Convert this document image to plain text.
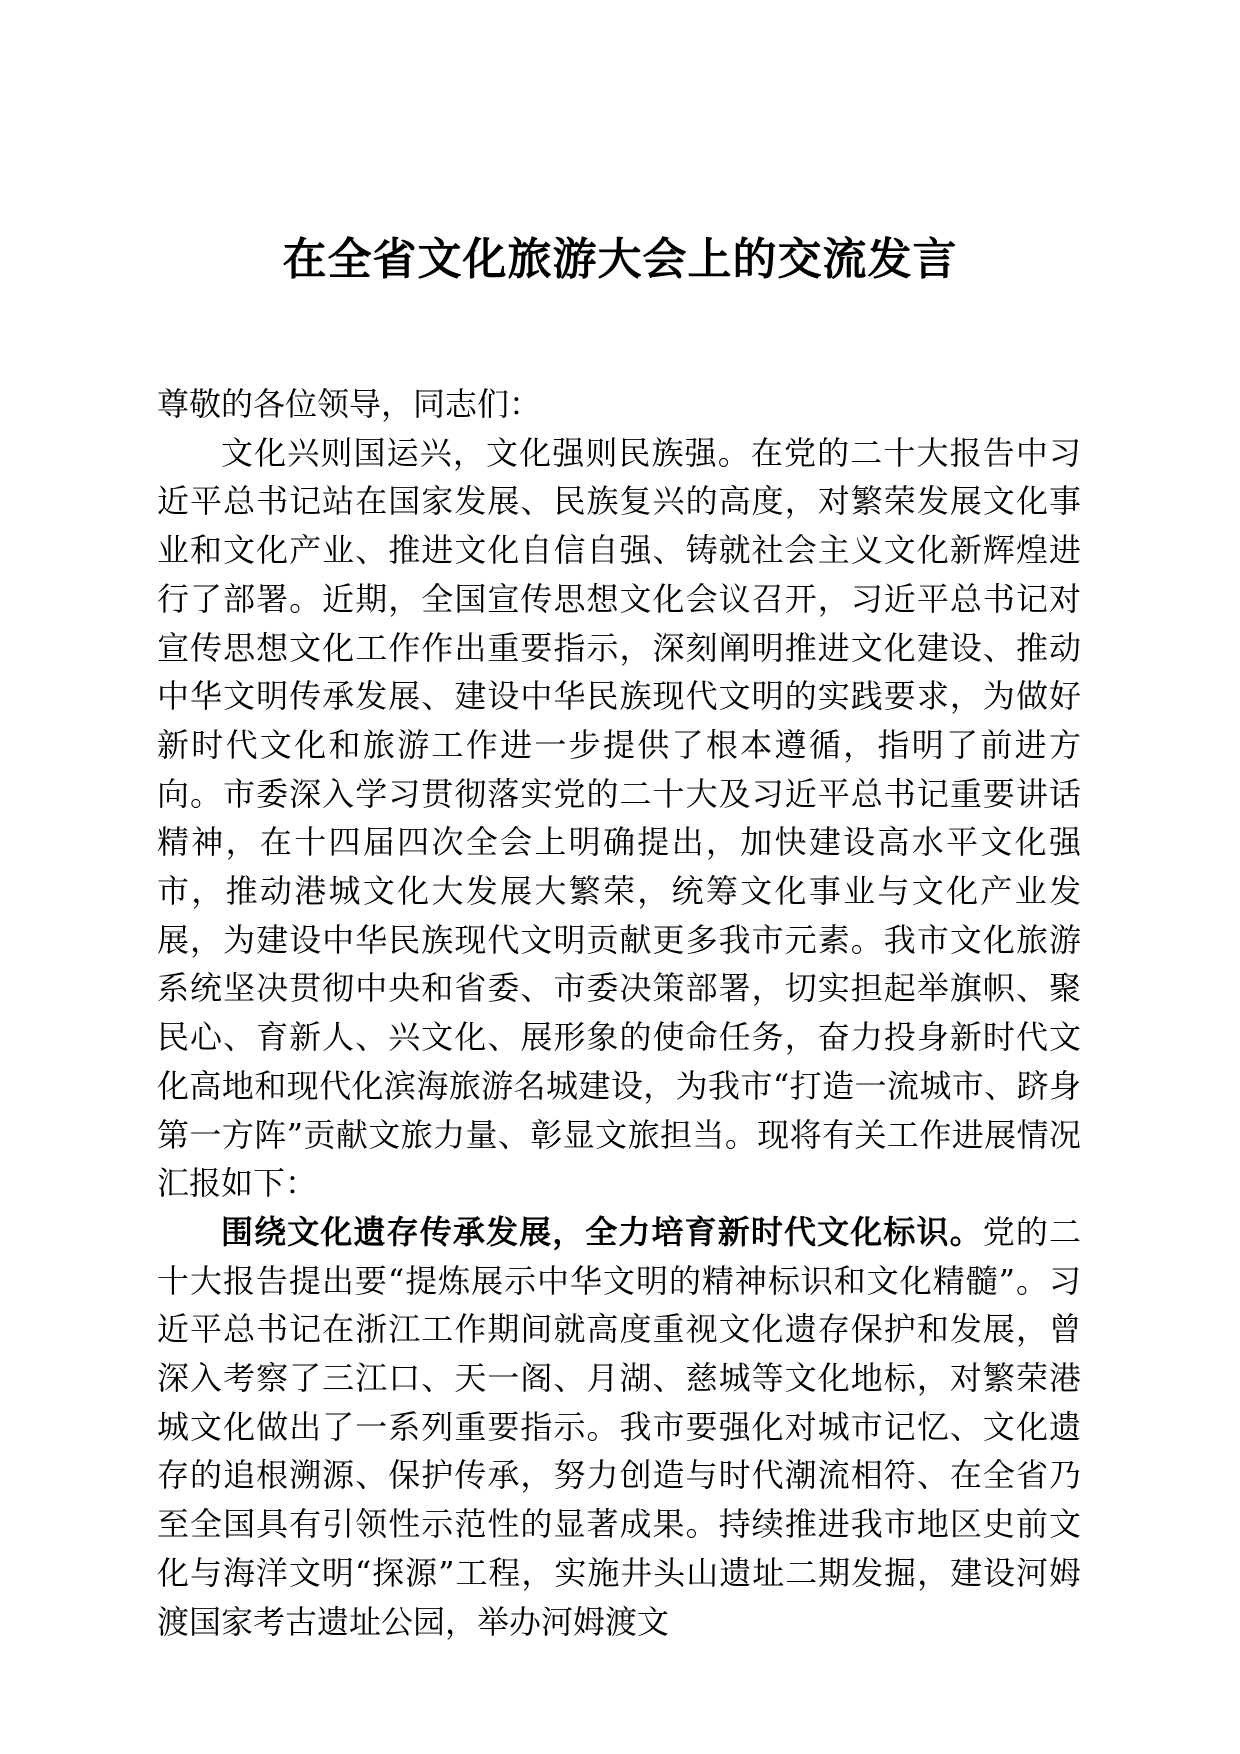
在全省文化旅游大会上的交流发言

尊敬的各位领导，同志们：

文化兴则国运兴，文化强则民族强。在党的二十大报告中习近平总书记站在国家发展、民族复兴的高度，对繁荣发展文化事业和文化产业、推进文化自信自强、铸就社会主义文化新辉煌进行了部署。近期，全国宣传思想文化会议召开，习近平总书记对宣传思想文化工作作出重要指示，深刻阐明推进文化建设、推动中华文明传承发展、建设中华民族现代文明的实践要求，为做好新时代文化和旅游工作进一步提供了根本遵循，指明了前进方向。市委深入学习贯彻落实党的二十大及习近平总书记重要讲话精神，在十四届四次全会上明确提出，加快建设高水平文化强市，推动港城文化大发展大繁荣，统筹文化事业与文化产业发展，为建设中华民族现代文明贡献更多我市元素。我市文化旅游系统坚决贯彻中央和省委、市委决策部署，切实担起举旗帜、聚民心、育新人、兴文化、展形象的使命任务，奋力投身新时代文化高地和现代化滨海旅游名城建设，为我市“打造一流城市、跻身第一方阵”贡献文旅力量、彰显文旅担当。现将有关工作进展情况汇报如下：

围绕文化遗存传承发展，全力培育新时代文化标识。党的二十大报告提出要“提炼展示中华文明的精神标识和文化精髓”。习近平总书记在浙江工作期间就高度重视文化遗存保护和发展，曾深入考察了三江口、天一阁、月湖、慈城等文化地标，对繁荣港城文化做出了一系列重要指示。我市要强化对城市记忆、文化遗存的追根溯源、保护传承，努力创造与时代潮流相符、在全省乃至全国具有引领性示范性的显著成果。持续推进我市地区史前文化与海洋文明“探源”工程，实施井头山遗址二期发掘，建设河姆渡国家考古遗址公园，举办河姆渡文
